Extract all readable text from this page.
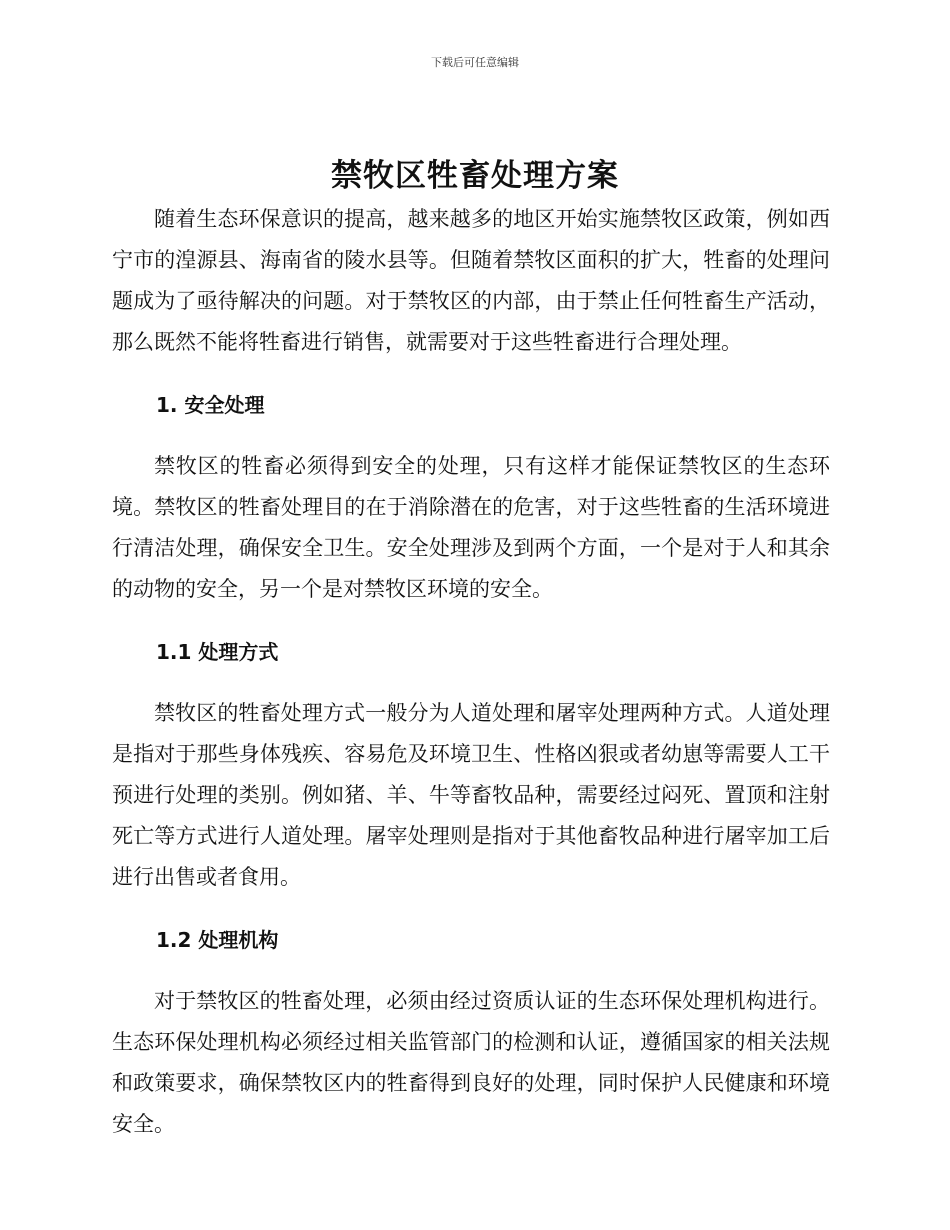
下载后可任意编辑
禁牧区牲畜处理方案

随着生态环保意识的提高，越来越多的地区开始实施禁牧区政策，例如西宁市的湟源县、海南省的陵水县等。但随着禁牧区面积的扩大，牲畜的处理问题成为了亟待解决的问题。对于禁牧区的内部，由于禁止任何牲畜生产活动，那么既然不能将牲畜进行销售，就需要对于这些牲畜进行合理处理。

1. 安全处理

禁牧区的牲畜必须得到安全的处理，只有这样才能保证禁牧区的生态环境。禁牧区的牲畜处理目的在于消除潜在的危害，对于这些牲畜的生活环境进行清洁处理，确保安全卫生。安全处理涉及到两个方面，一个是对于人和其余的动物的安全，另一个是对禁牧区环境的安全。

1.1 处理方式

禁牧区的牲畜处理方式一般分为人道处理和屠宰处理两种方式。人道处理是指对于那些身体残疾、容易危及环境卫生、性格凶狠或者幼崽等需要人工干预进行处理的类别。例如猪、羊、牛等畜牧品种，需要经过闷死、置顶和注射死亡等方式进行人道处理。屠宰处理则是指对于其他畜牧品种进行屠宰加工后进行出售或者食用。

1.2 处理机构

对于禁牧区的牲畜处理，必须由经过资质认证的生态环保处理机构进行。生态环保处理机构必须经过相关监管部门的检测和认证，遵循国家的相关法规和政策要求，确保禁牧区内的牲畜得到良好的处理，同时保护人民健康和环境安全。
